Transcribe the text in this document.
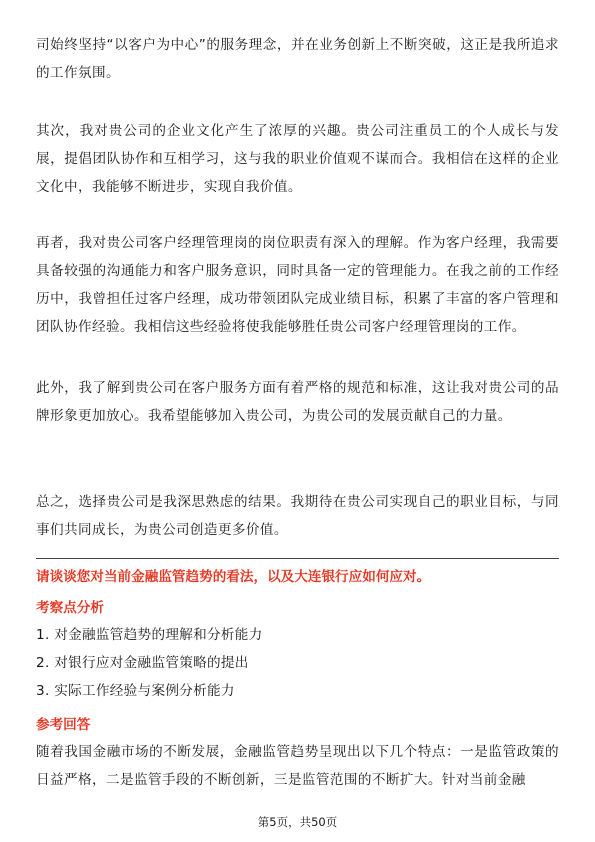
司始终坚持“以客户为中心”的服务理念，并在业务创新上不断突破，这正是我所追求的工作氛围。

其次，我对贵公司的企业文化产生了浓厚的兴趣。贵公司注重员工的个人成长与发展，提倡团队协作和互相学习，这与我的职业价值观不谋而合。我相信在这样的企业文化中，我能够不断进步，实现自我价值。

再者，我对贵公司客户经理管理岗的岗位职责有深入的理解。作为客户经理，我需要具备较强的沟通能力和客户服务意识，同时具备一定的管理能力。在我之前的工作经历中，我曾担任过客户经理，成功带领团队完成业绩目标，积累了丰富的客户管理和团队协作经验。我相信这些经验将使我能够胜任贵公司客户经理管理岗的工作。

此外，我了解到贵公司在客户服务方面有着严格的规范和标准，这让我对贵公司的品牌形象更加放心。我希望能够加入贵公司，为贵公司的发展贡献自己的力量。

总之，选择贵公司是我深思熟虑的结果。我期待在贵公司实现自己的职业目标，与同事们共同成长，为贵公司创造更多价值。

请谈谈您对当前金融监管趋势的看法，以及大连银行应如何应对。

考察点分析

1. 对金融监管趋势的理解和分析能力
2. 对银行应对金融监管策略的提出
3. 实际工作经验与案例分析能力

参考回答

随着我国金融市场的不断发展，金融监管趋势呈现出以下几个特点：一是监管政策的日益严格，二是监管手段的不断创新，三是监管范围的不断扩大。针对当前金融

第5页，共50页
